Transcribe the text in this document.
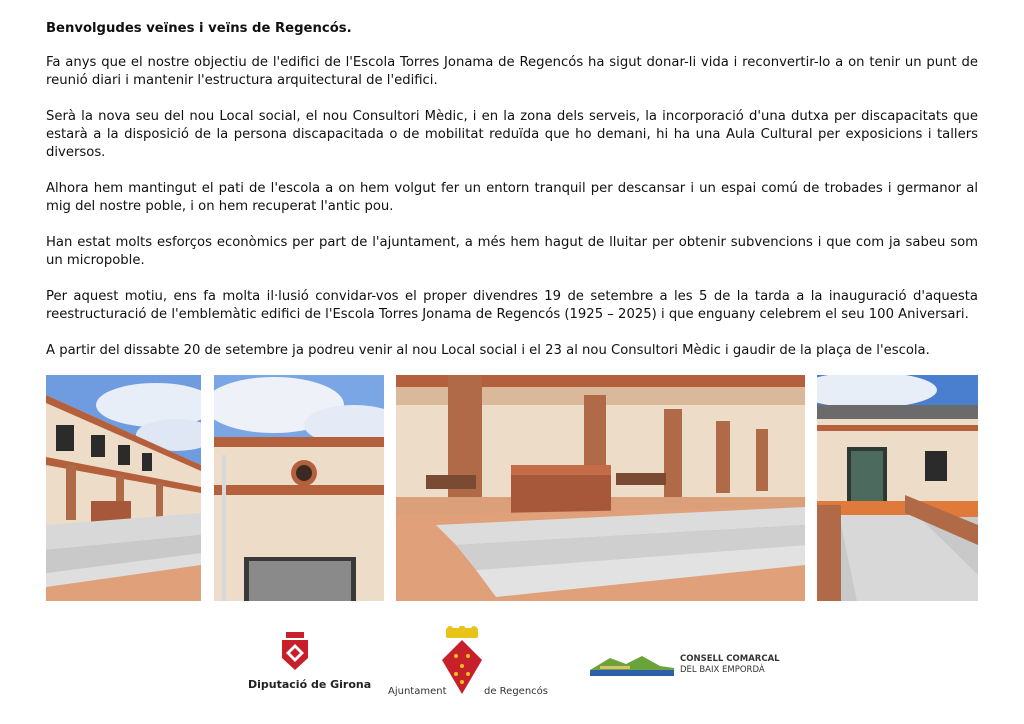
Benvolgudes veïnes i veïns de Regencós.

Fa anys que el nostre objectiu de l'edifici de l'Escola Torres Jonama de Regencós ha sigut donar-li vida i reconvertir-lo a on tenir un punt de reunió diari i mantenir l'estructura arquitectural de l'edifici.

Serà la nova seu del nou Local social, el nou Consultori Mèdic, i en la zona dels serveis, la incorporació d'una dutxa per discapacitats que estarà a la disposició de la persona discapacitada o de mobilitat reduïda que ho demani, hi ha una Aula Cultural per exposicions i tallers diversos.

Alhora hem mantingut el pati de l'escola a on hem volgut fer un entorn tranquil per descansar i un espai comú de trobades i germanor al mig del nostre poble, i on hem recuperat l'antic pou.

Han estat molts esforços econòmics per part de l'ajuntament, a més hem hagut de lluitar per obtenir subvencions i que com ja sabeu som un micropoble.

Per aquest motiu, ens fa molta il·lusió convidar-vos el proper divendres 19 de setembre a les 5 de la tarda a la inauguració d'aquesta reestructuració de l'emblemàtic edifici de l'Escola Torres Jonama de Regencós (1925 – 2025) i que enguany celebrem el seu 100 Aniversari.

A partir del dissabte 20 de setembre ja podreu venir al nou Local social i el 23 al nou Consultori Mèdic i gaudir de la plaça de l'escola.

Diputació de Girona
Ajuntament	de Regencós
CONSELL COMARCAL
DEL BAIX EMPORDÀ
